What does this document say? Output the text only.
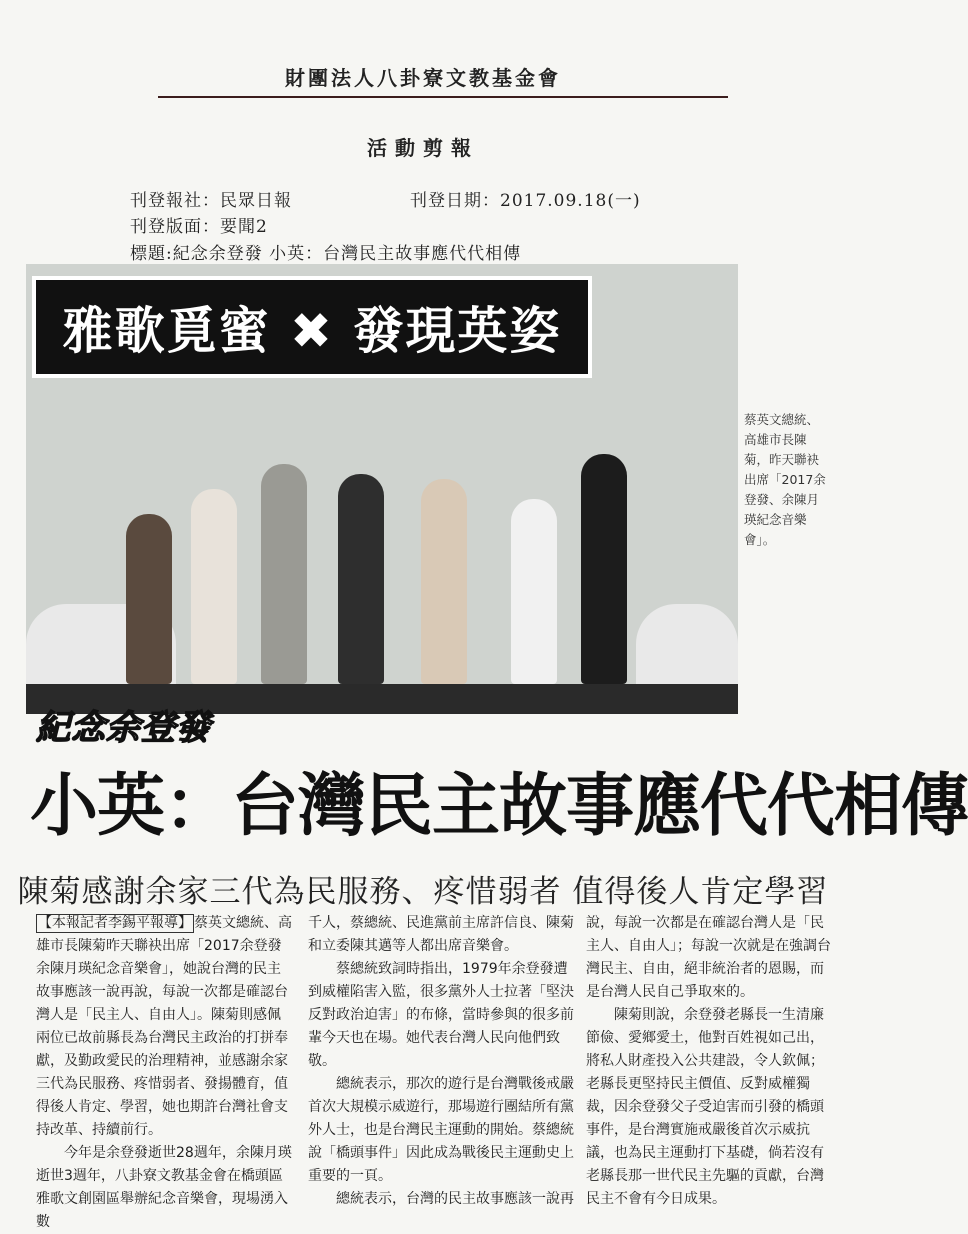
財團法人八卦寮文教基金會
活動剪報
刊登報社：民眾日報	刊登日期：2017.09.18(一)
刊登版面：要聞2
標題:紀念余登發 小英：台灣民主故事應代代相傳
雅歌覓蜜 ✖ 發現英姿
蔡英文總統、高雄市長陳菊，昨天聯袂出席「2017余登發、余陳月瑛紀念音樂會」。
紀念余登發
小英：台灣民主故事應代代相傳
陳菊感謝余家三代為民服務、疼惜弱者 值得後人肯定學習

【本報記者李錫平報導】 蔡英文總統、高雄市長陳菊昨天聯袂出席「2017余登發余陳月瑛紀念音樂會」，她說台灣的民主故事應該一說再說，每說一次都是確認台灣人是「民主人、自由人」。陳菊則感佩兩位已故前縣長為台灣民主政治的打拼奉獻，及勤政愛民的治理精神，並感謝余家三代為民服務、疼惜弱者、發揚體育，值得後人肯定、學習，她也期許台灣社會支持改革、持續前行。

今年是余登發逝世28週年，余陳月瑛逝世3週年，八卦寮文教基金會在橋頭區雅歌文創園區舉辦紀念音樂會，現場湧入數

千人，蔡總統、民進黨前主席許信良、陳菊和立委陳其邁等人都出席音樂會。

蔡總統致詞時指出，1979年余登發遭到威權陷害入監，很多黨外人士拉著「堅決反對政治迫害」的布條，當時參與的很多前輩今天也在場。她代表台灣人民向他們致敬。

總統表示，那次的遊行是台灣戰後戒嚴首次大規模示威遊行，那場遊行團結所有黨外人士，也是台灣民主運動的開始。蔡總統說「橋頭事件」因此成為戰後民主運動史上重要的一頁。

總統表示，台灣的民主故事應該一說再

說，每說一次都是在確認台灣人是「民主人、自由人」；每說一次就是在強調台灣民主、自由，絕非統治者的恩賜，而是台灣人民自己爭取來的。

陳菊則說，余登發老縣長一生清廉節儉、愛鄉愛土，他對百姓視如己出，將私人財產投入公共建設，令人欽佩；老縣長更堅持民主價值、反對威權獨裁，因余登發父子受迫害而引發的橋頭事件，是台灣實施戒嚴後首次示威抗議，也為民主運動打下基礎，倘若沒有老縣長那一世代民主先驅的貢獻，台灣民主不會有今日成果。
